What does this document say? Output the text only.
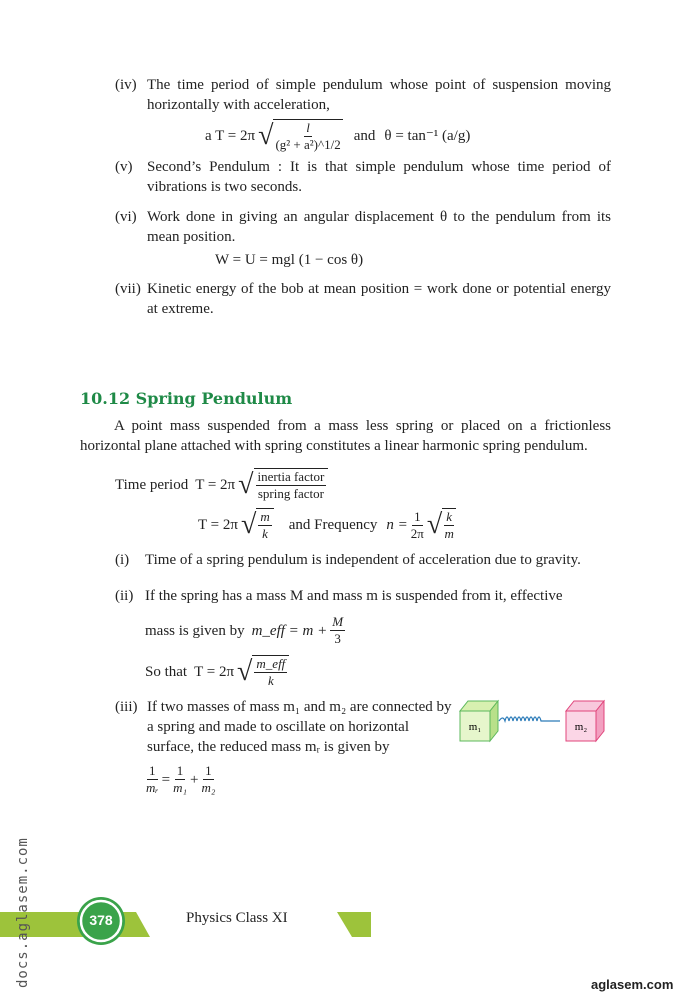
(iv) The time period of simple pendulum whose point of suspension moving horizontally with acceleration,
a T = 2π √ $\frac{l}{\text{(g² + a²)\textasciicircum{}1/2}}$ and θ = tan⁻¹ (a/g)
(v) Second’s Pendulum : It is that simple pendulum whose time period of vibrations is two seconds.
(vi) Work done in giving an angular displacement θ to the pendulum from its mean position.
W = U = mgl (1 − cos θ)
(vii) Kinetic energy of the bob at mean position = work done or potential energy at extreme.
10.12 Spring Pendulum
A point mass suspended from a mass less spring or placed on a frictionless horizontal plane attached with spring constitutes a linear harmonic spring pendulum.
Time period T = 2π √ $\frac{\text{inertia factor}}{\text{spring factor}}$
T = 2π √ $\frac{m}{k}$ and Frequency $n = \frac{1}{2\pi}$ √ $\frac{k}{m}$
(i) Time of a spring pendulum is independent of acceleration due to gravity.
(ii) If the spring has a mass M and mass m is suspended from it, effective
mass is given by m_eff = $m + \frac{M}{3}$
So that T = 2π √ $\frac{\text{m\_eff}}{k}$
(iii) If two masses of mass m₁ and m₂ are connected by a spring and made to oscillate on horizontal surface, the reduced mass mᵣ is given by
m₁	m₂
$\frac{1}{\text{mᵣ}} = \frac{1}{\text{m₁}} + \frac{1}{\text{m₂}}$
378	Physics Class XI
aglasem.com
docs.aglasem.com
